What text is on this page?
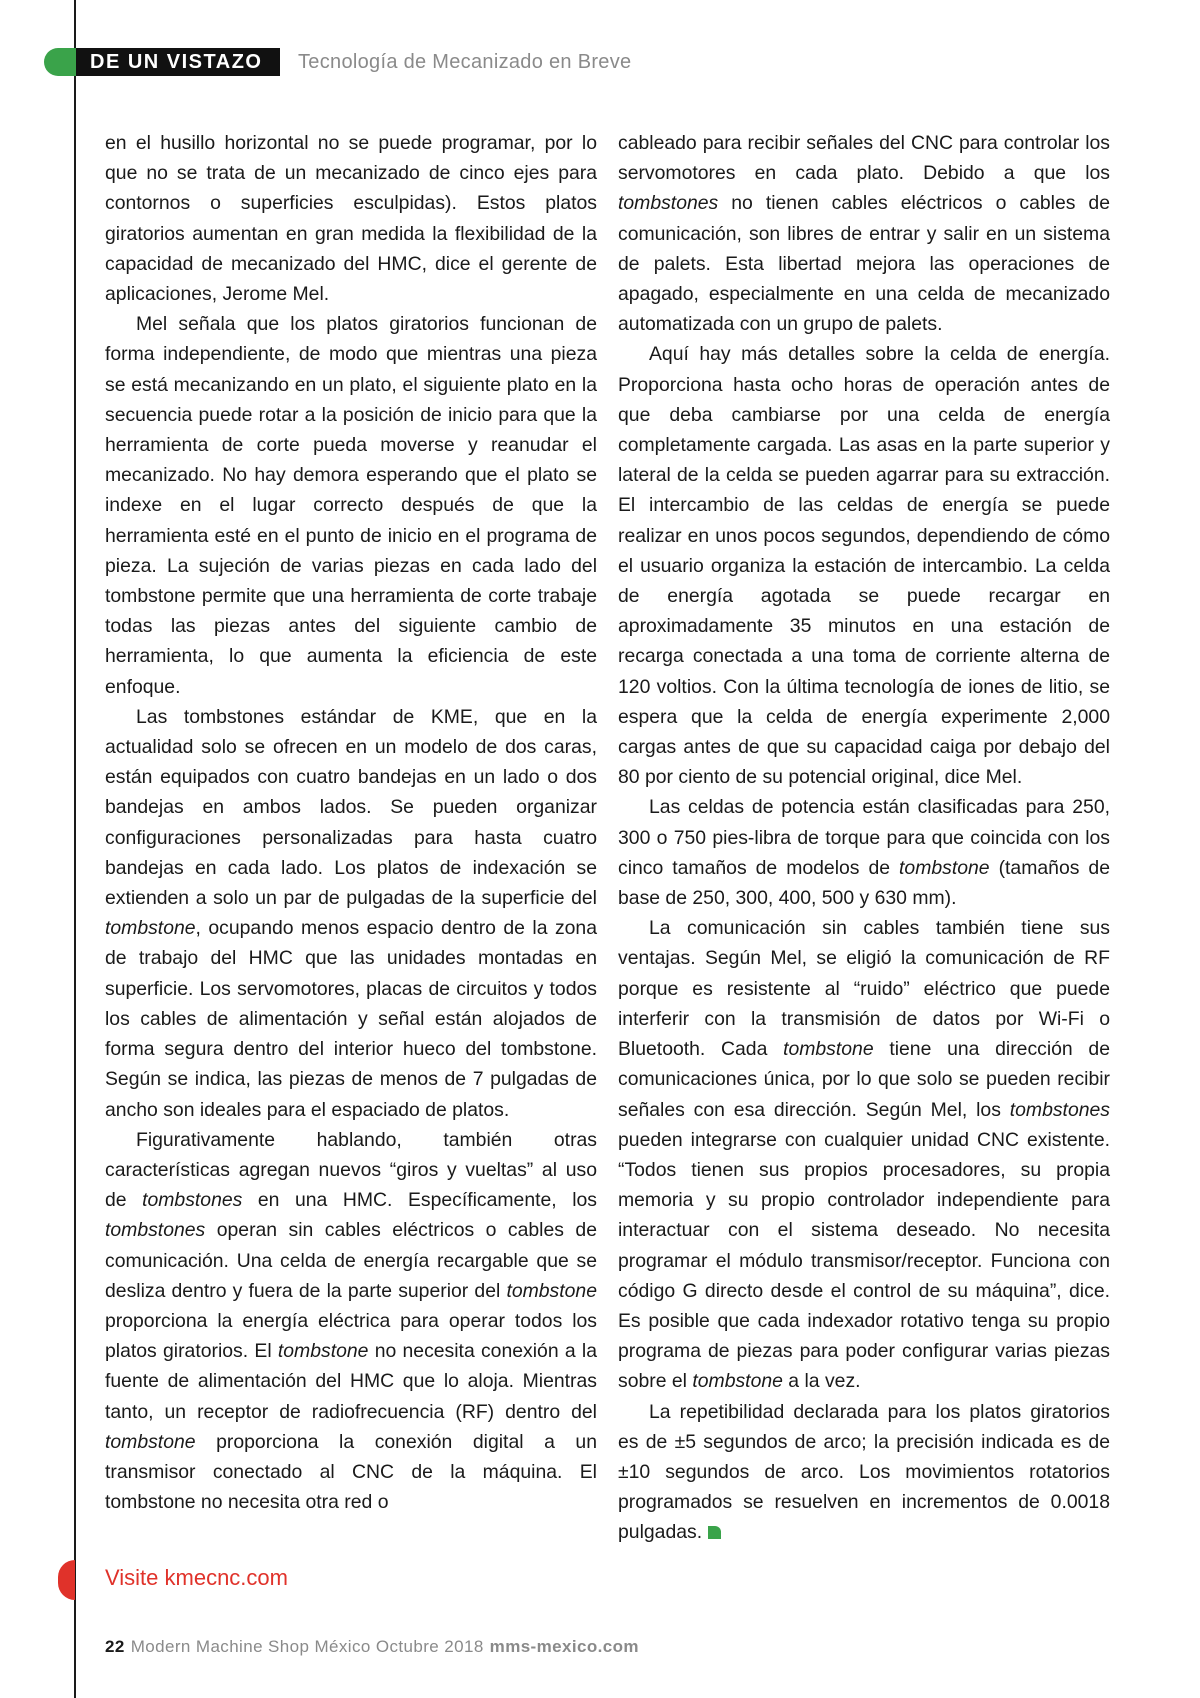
DE UN VISTAZO	Tecnología de Mecanizado en Breve

en el husillo horizontal no se puede programar, por lo que no se trata de un mecanizado de cinco ejes para contornos o superficies esculpidas). Estos platos giratorios aumentan en gran medida la flexibilidad de la capacidad de mecanizado del HMC, dice el gerente de aplicaciones, Jerome Mel.

Mel señala que los platos giratorios funcionan de forma independiente, de modo que mientras una pieza se está mecanizando en un plato, el siguiente plato en la secuencia puede rotar a la posición de inicio para que la herramienta de corte pueda moverse y reanudar el mecanizado. No hay demora esperando que el plato se indexe en el lugar correcto después de que la herramienta esté en el punto de inicio en el programa de pieza. La sujeción de varias piezas en cada lado del tombstone permite que una herramienta de corte trabaje todas las piezas antes del siguiente cambio de herramienta, lo que aumenta la eficiencia de este enfoque.

Las tombstones estándar de KME, que en la actualidad solo se ofrecen en un modelo de dos caras, están equipados con cuatro bandejas en un lado o dos bandejas en ambos lados. Se pueden organizar configuraciones personalizadas para hasta cuatro bandejas en cada lado. Los platos de indexación se extienden a solo un par de pulgadas de la superficie del tombstone, ocupando menos espacio dentro de la zona de trabajo del HMC que las unidades montadas en superficie. Los servomotores, placas de circuitos y todos los cables de alimentación y señal están alojados de forma segura dentro del interior hueco del tombstone. Según se indica, las piezas de menos de 7 pulgadas de ancho son ideales para el espaciado de platos.

Figurativamente hablando, también otras características agregan nuevos “giros y vueltas” al uso de tombstones en una HMC. Específicamente, los tombstones operan sin cables eléctricos o cables de comunicación. Una celda de energía recargable que se desliza dentro y fuera de la parte superior del tombstone proporciona la energía eléctrica para operar todos los platos giratorios. El tombstone no necesita conexión a la fuente de alimentación del HMC que lo aloja. Mientras tanto, un receptor de radiofrecuencia (RF) dentro del tombstone proporciona la conexión digital a un transmisor conectado al CNC de la máquina. El tombstone no necesita otra red o

cableado para recibir señales del CNC para controlar los servomotores en cada plato. Debido a que los tombstones no tienen cables eléctricos o cables de comunicación, son libres de entrar y salir en un sistema de palets. Esta libertad mejora las operaciones de apagado, especialmente en una celda de mecanizado automatizada con un grupo de palets.

Aquí hay más detalles sobre la celda de energía. Proporciona hasta ocho horas de operación antes de que deba cambiarse por una celda de energía completamente cargada. Las asas en la parte superior y lateral de la celda se pueden agarrar para su extracción. El intercambio de las celdas de energía se puede realizar en unos pocos segundos, dependiendo de cómo el usuario organiza la estación de intercambio. La celda de energía agotada se puede recargar en aproximadamente 35 minutos en una estación de recarga conectada a una toma de corriente alterna de 120 voltios. Con la última tecnología de iones de litio, se espera que la celda de energía experimente 2,000 cargas antes de que su capacidad caiga por debajo del 80 por ciento de su potencial original, dice Mel.

Las celdas de potencia están clasificadas para 250, 300 o 750 pies-libra de torque para que coincida con los cinco tamaños de modelos de tombstone (tamaños de base de 250, 300, 400, 500 y 630 mm).

La comunicación sin cables también tiene sus ventajas. Según Mel, se eligió la comunicación de RF porque es resistente al “ruido” eléctrico que puede interferir con la transmisión de datos por Wi-Fi o Bluetooth. Cada tombstone tiene una dirección de comunicaciones única, por lo que solo se pueden recibir señales con esa dirección. Según Mel, los tombstones pueden integrarse con cualquier unidad CNC existente. “Todos tienen sus propios procesadores, su propia memoria y su propio controlador independiente para interactuar con el sistema deseado. No necesita programar el módulo transmisor/receptor. Funciona con código G directo desde el control de su máquina”, dice. Es posible que cada indexador rotativo tenga su propio programa de piezas para poder configurar varias piezas sobre el tombstone a la vez.

La repetibilidad declarada para los platos giratorios es de ±5 segundos de arco; la precisión indicada es de ±10 segundos de arco. Los movimientos rotatorios programados se resuelven en incrementos de 0.0018 pulgadas.

Visite kmecnc.com
22 Modern Machine Shop México Octubre 2018 mms-mexico.com
